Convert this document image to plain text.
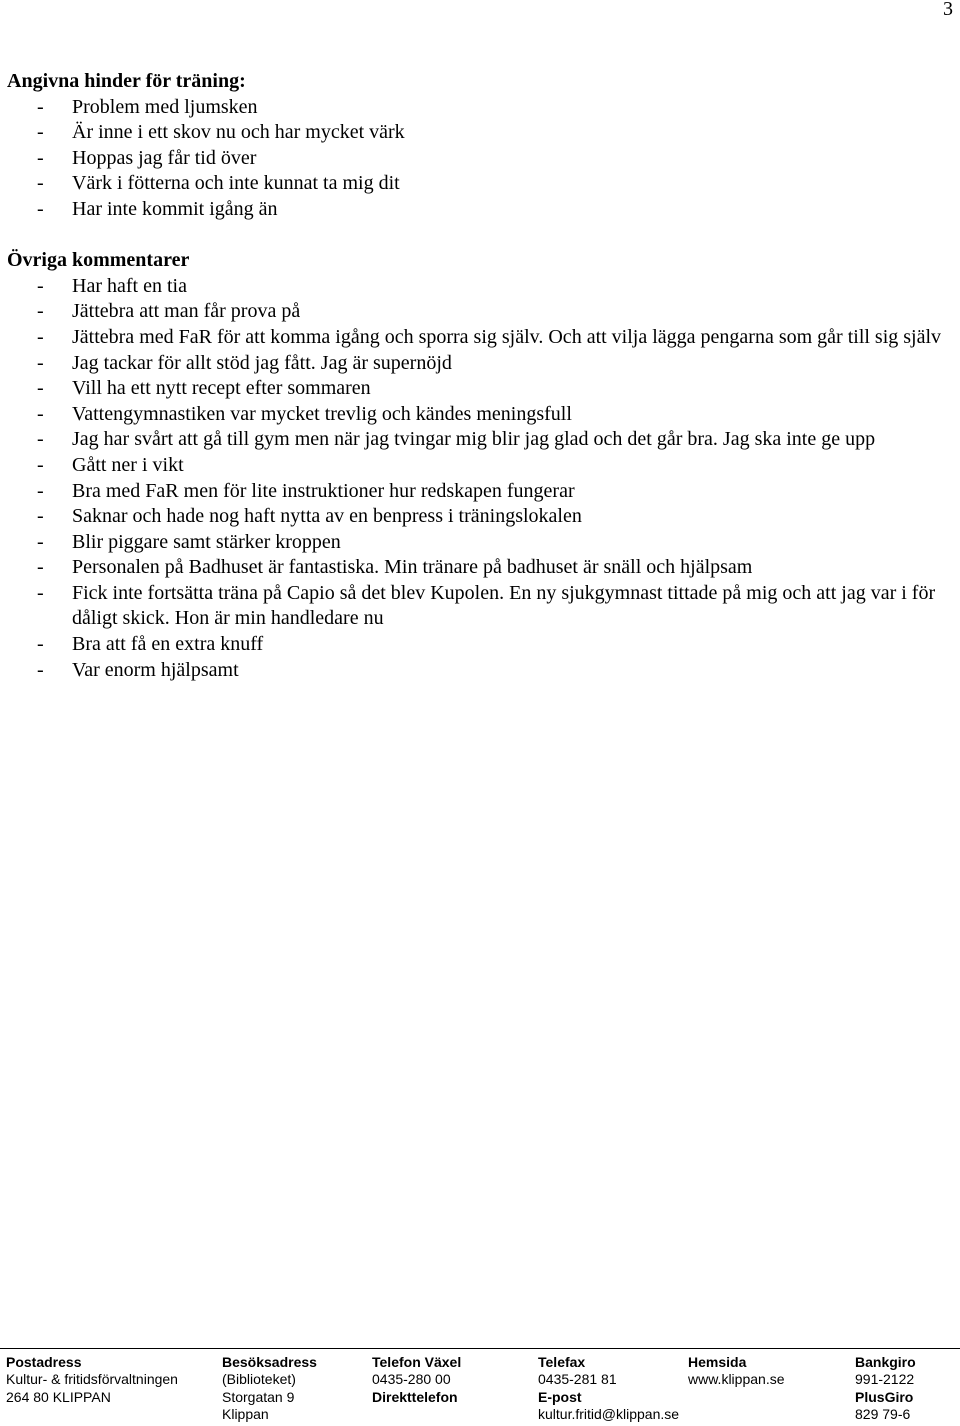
3
Angivna hinder för träning:
- Problem med ljumsken
- Är inne i ett skov nu och har mycket värk
- Hoppas jag får tid över
- Värk i fötterna och inte kunnat ta mig dit
- Har inte kommit igång än
Övriga kommentarer
- Har haft en tia
- Jättebra att man får prova på
- Jättebra med FaR för att komma igång och sporra sig själv. Och att vilja lägga pengarna som går till sig själv
- Jag tackar för allt stöd jag fått. Jag är supernöjd
- Vill ha ett nytt recept efter sommaren
- Vattengymnastiken var mycket trevlig och kändes meningsfull
- Jag har svårt att gå till gym men när jag tvingar mig blir jag glad och det går bra. Jag ska inte ge upp
- Gått ner i vikt
- Bra med FaR men för lite instruktioner hur redskapen fungerar
- Saknar och hade nog haft nytta av en benpress i träningslokalen
- Blir piggare samt stärker kroppen
- Personalen på Badhuset är fantastiska. Min tränare på badhuset är snäll och hjälpsam
- Fick inte fortsätta träna på Capio så det blev Kupolen. En ny sjukgymnast tittade på mig och att jag var i för dåligt skick. Hon är min handledare nu
- Bra att få en extra knuff
- Var enorm hjälpsamt
Postadress
Kultur- & fritidsförvaltningen
264 80 KLIPPAN
Besöksadress
(Biblioteket)
Storgatan 9
Klippan
Telefon Växel
0435-280 00
Direkttelefon
Telefax
0435-281 81
E-post
kultur.fritid@klippan.se
Hemsida
www.klippan.se
Bankgiro
991-2122
PlusGiro
829 79-6
